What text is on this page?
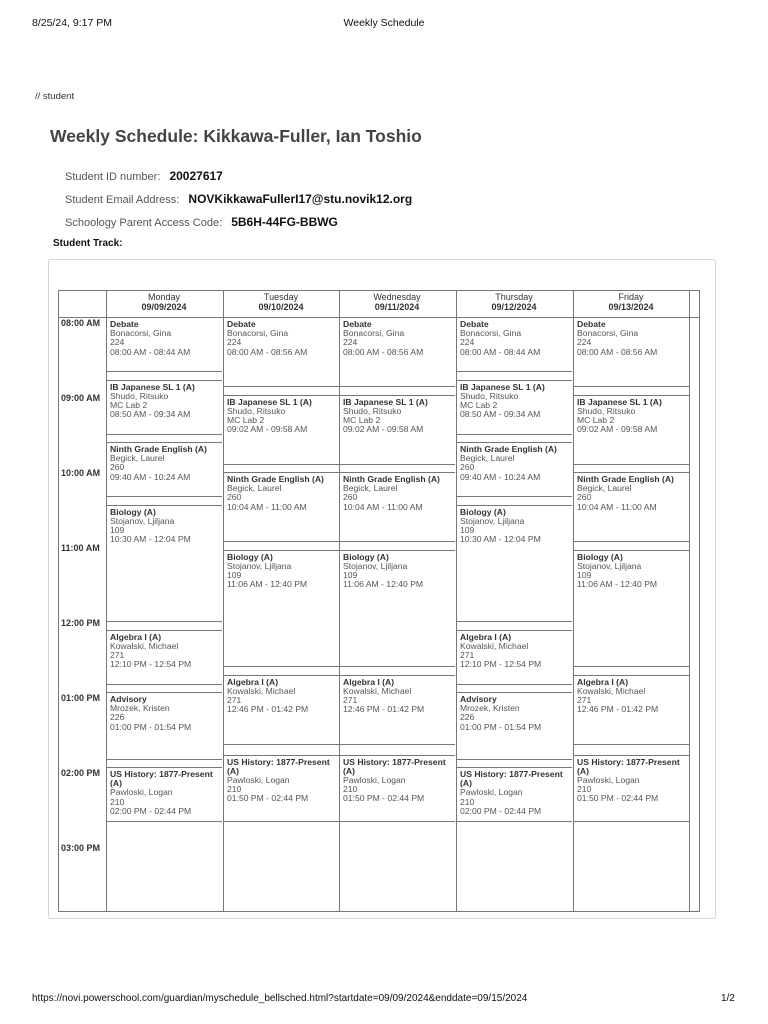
8/25/24, 9:17 PM	Weekly Schedule
// student
Weekly Schedule: Kikkawa-Fuller, Ian Toshio
Student ID number: 20027617
Student Email Address: NOVKikkawaFullerI17@stu.novik12.org
Schoology Parent Access Code: 5B6H-44FG-BBWG
Student Track:
Monday
09/09/2024
Tuesday
09/10/2024
Wednesday
09/11/2024
Thursday
09/12/2024
Friday
09/13/2024
08:00 AM
09:00 AM
10:00 AM
11:00 AM
12:00 PM
01:00 PM
02:00 PM
03:00 PM
Debate
Bonacorsi, Gina
224
08:00 AM - 08:44 AM
IB Japanese SL 1 (A)
Shudo, Ritsuko
MC Lab 2
08:50 AM - 09:34 AM
Ninth Grade English (A)
Begick, Laurel
260
09:40 AM - 10:24 AM
Biology (A)
Stojanov, Ljiljana
109
10:30 AM - 12:04 PM
Algebra I (A)
Kowalski, Michael
271
12:10 PM - 12:54 PM
Advisory
Mrozek, Kristen
226
01:00 PM - 01:54 PM
US History: 1877-Present (A)
Pawloski, Logan
210
02:00 PM - 02:44 PM
Debate
Bonacorsi, Gina
224
08:00 AM - 08:56 AM
IB Japanese SL 1 (A)
Shudo, Ritsuko
MC Lab 2
09:02 AM - 09:58 AM
Ninth Grade English (A)
Begick, Laurel
260
10:04 AM - 11:00 AM
Biology (A)
Stojanov, Ljiljana
109
11:06 AM - 12:40 PM
Algebra I (A)
Kowalski, Michael
271
12:46 PM - 01:42 PM
US History: 1877-Present (A)
Pawloski, Logan
210
01:50 PM - 02:44 PM
Debate
Bonacorsi, Gina
224
08:00 AM - 08:56 AM
IB Japanese SL 1 (A)
Shudo, Ritsuko
MC Lab 2
09:02 AM - 09:58 AM
Ninth Grade English (A)
Begick, Laurel
260
10:04 AM - 11:00 AM
Biology (A)
Stojanov, Ljiljana
109
11:06 AM - 12:40 PM
Algebra I (A)
Kowalski, Michael
271
12:46 PM - 01:42 PM
US History: 1877-Present (A)
Pawloski, Logan
210
01:50 PM - 02:44 PM
Debate
Bonacorsi, Gina
224
08:00 AM - 08:44 AM
IB Japanese SL 1 (A)
Shudo, Ritsuko
MC Lab 2
08:50 AM - 09:34 AM
Ninth Grade English (A)
Begick, Laurel
260
09:40 AM - 10:24 AM
Biology (A)
Stojanov, Ljiljana
109
10:30 AM - 12:04 PM
Algebra I (A)
Kowalski, Michael
271
12:10 PM - 12:54 PM
Advisory
Mrozek, Kristen
226
01:00 PM - 01:54 PM
US History: 1877-Present (A)
Pawloski, Logan
210
02:00 PM - 02:44 PM
Debate
Bonacorsi, Gina
224
08:00 AM - 08:56 AM
IB Japanese SL 1 (A)
Shudo, Ritsuko
MC Lab 2
09:02 AM - 09:58 AM
Ninth Grade English (A)
Begick, Laurel
260
10:04 AM - 11:00 AM
Biology (A)
Stojanov, Ljiljana
109
11:06 AM - 12:40 PM
Algebra I (A)
Kowalski, Michael
271
12:46 PM - 01:42 PM
US History: 1877-Present (A)
Pawloski, Logan
210
01:50 PM - 02:44 PM
https://novi.powerschool.com/guardian/myschedule_bellsched.html?startdate=09/09/2024&enddate=09/15/2024	1/2
